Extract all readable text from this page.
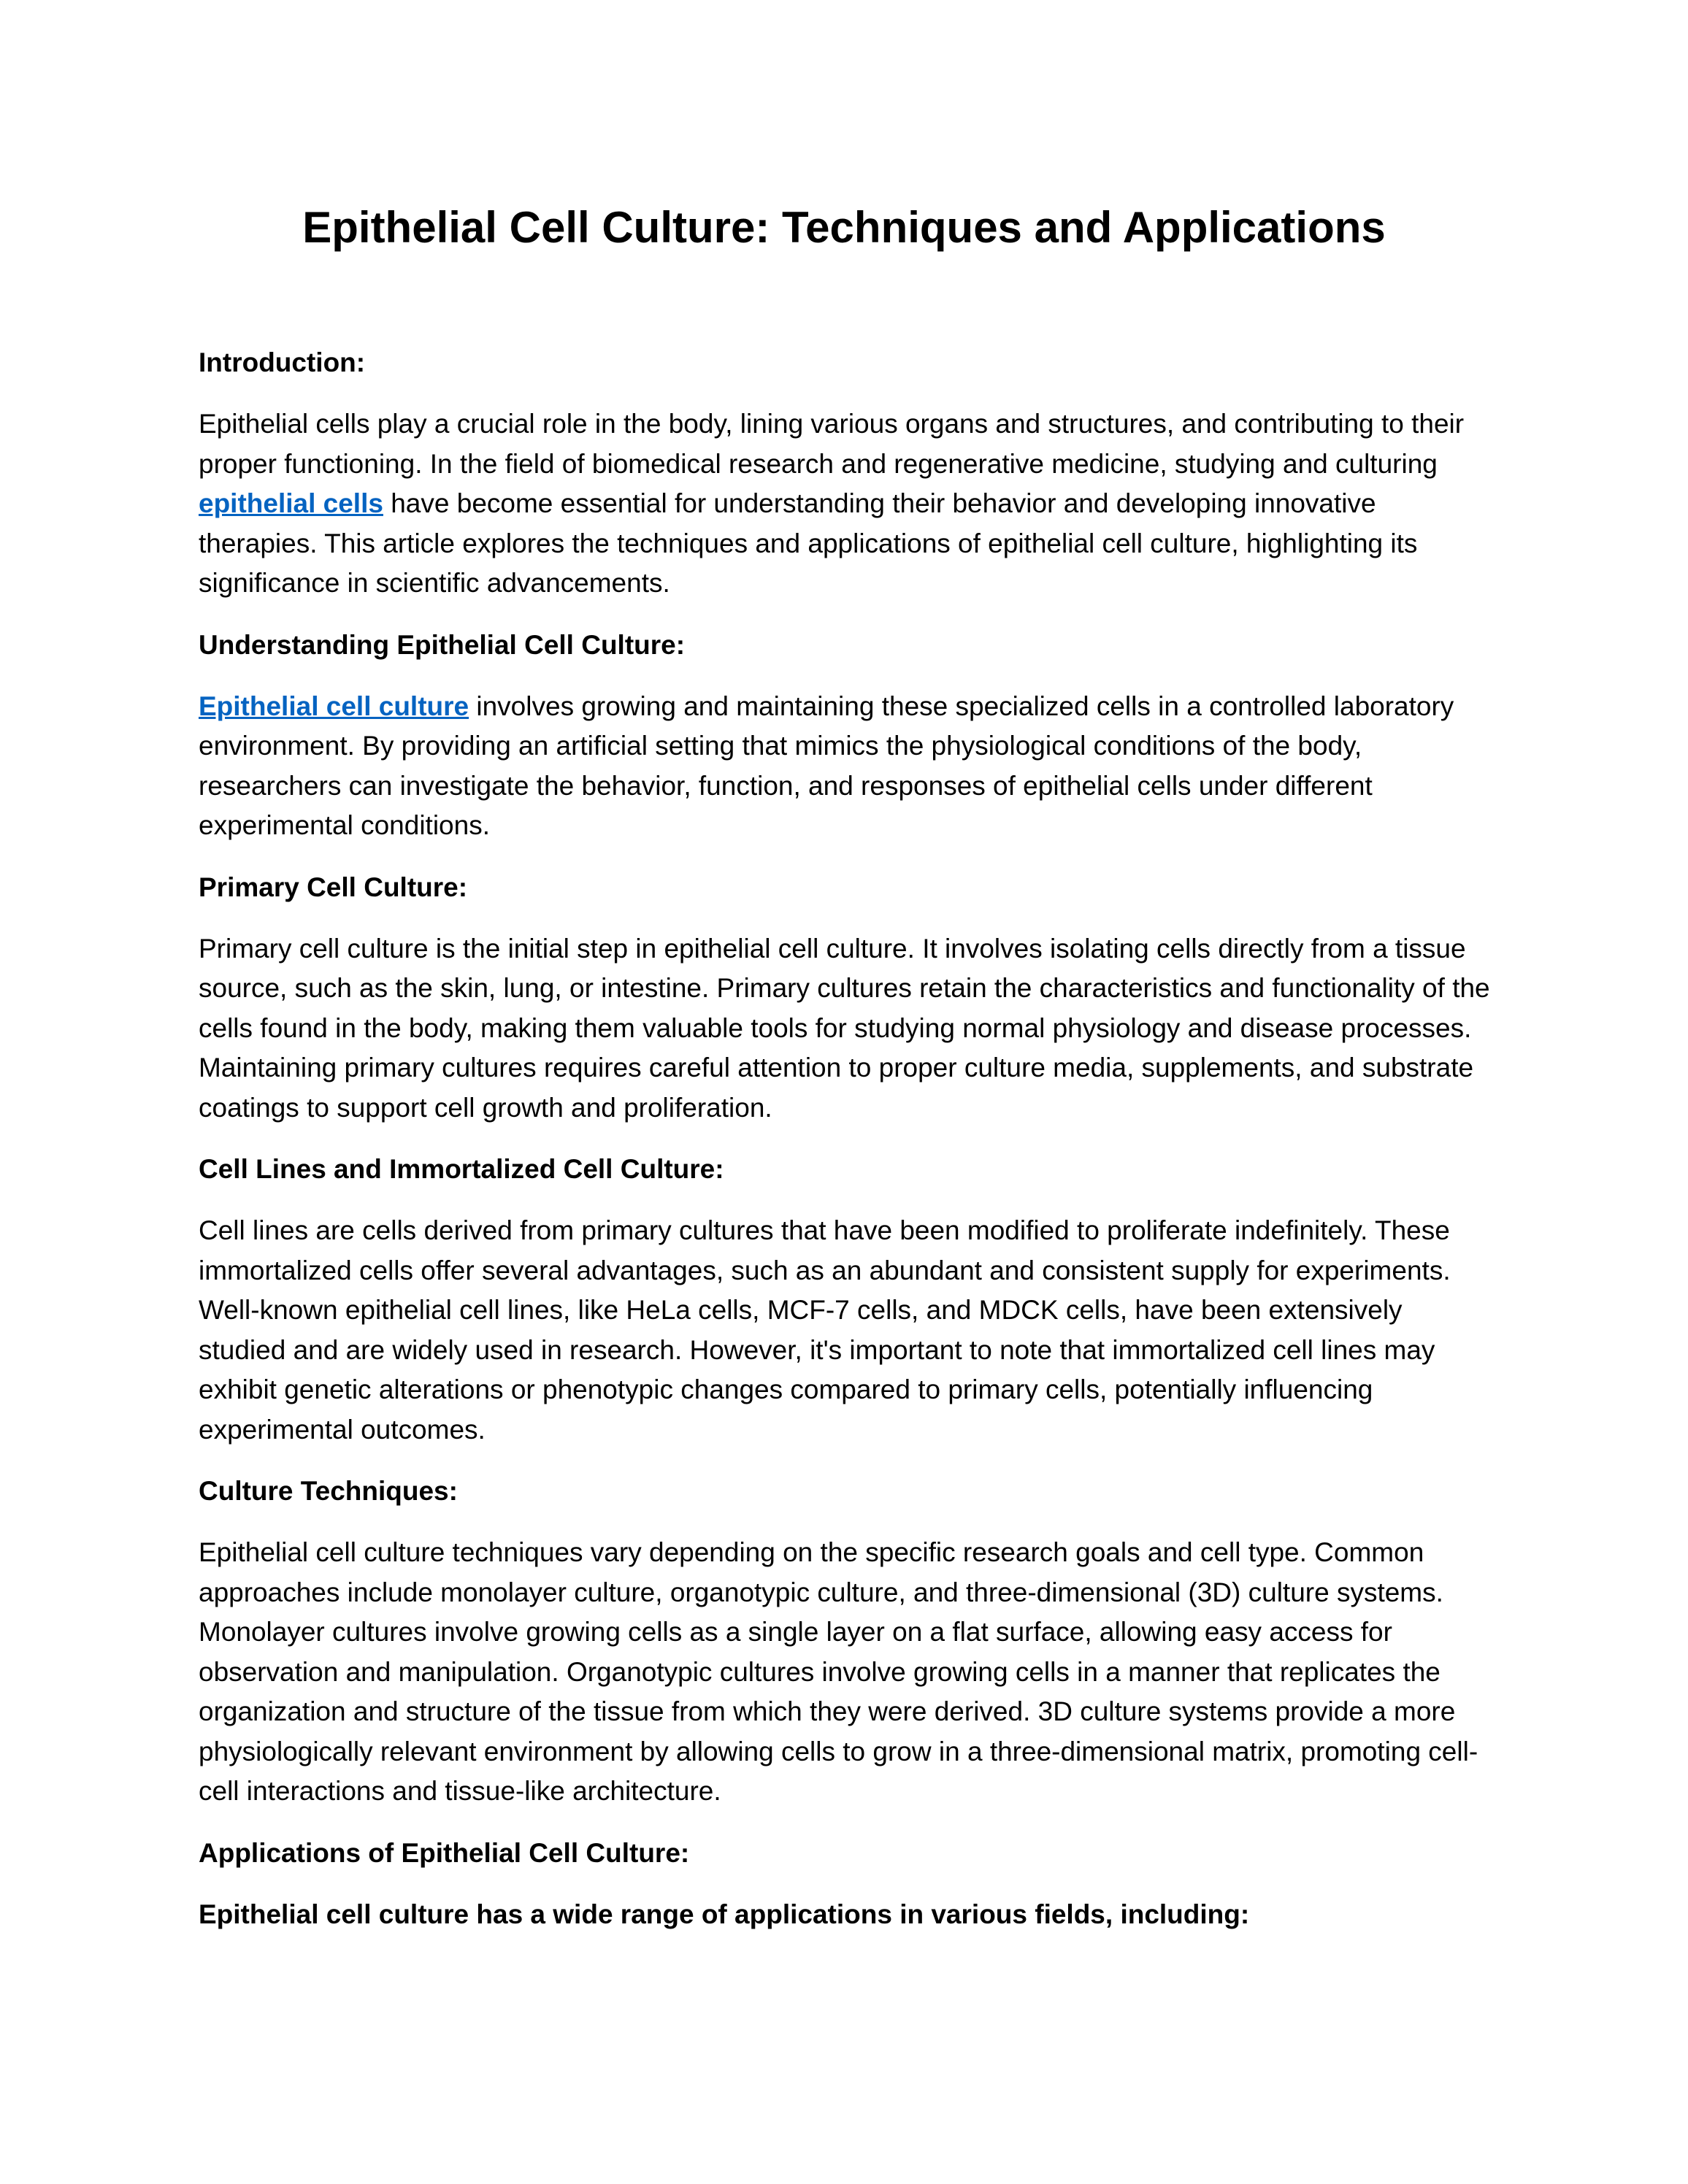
Epithelial Cell Culture: Techniques and Applications

Introduction:

Epithelial cells play a crucial role in the body, lining various organs and structures, and contributing to their proper functioning. In the field of biomedical research and regenerative medicine, studying and culturing epithelial cells have become essential for understanding their behavior and developing innovative therapies. This article explores the techniques and applications of epithelial cell culture, highlighting its significance in scientific advancements.

Understanding Epithelial Cell Culture:

Epithelial cell culture involves growing and maintaining these specialized cells in a controlled laboratory environment. By providing an artificial setting that mimics the physiological conditions of the body, researchers can investigate the behavior, function, and responses of epithelial cells under different experimental conditions.

Primary Cell Culture:

Primary cell culture is the initial step in epithelial cell culture. It involves isolating cells directly from a tissue source, such as the skin, lung, or intestine. Primary cultures retain the characteristics and functionality of the cells found in the body, making them valuable tools for studying normal physiology and disease processes. Maintaining primary cultures requires careful attention to proper culture media, supplements, and substrate coatings to support cell growth and proliferation.

Cell Lines and Immortalized Cell Culture:

Cell lines are cells derived from primary cultures that have been modified to proliferate indefinitely. These immortalized cells offer several advantages, such as an abundant and consistent supply for experiments. Well-known epithelial cell lines, like HeLa cells, MCF-7 cells, and MDCK cells, have been extensively studied and are widely used in research. However, it's important to note that immortalized cell lines may exhibit genetic alterations or phenotypic changes compared to primary cells, potentially influencing experimental outcomes.

Culture Techniques:

Epithelial cell culture techniques vary depending on the specific research goals and cell type. Common approaches include monolayer culture, organotypic culture, and three-dimensional (3D) culture systems. Monolayer cultures involve growing cells as a single layer on a flat surface, allowing easy access for observation and manipulation. Organotypic cultures involve growing cells in a manner that replicates the organization and structure of the tissue from which they were derived. 3D culture systems provide a more physiologically relevant environment by allowing cells to grow in a three-dimensional matrix, promoting cell-cell interactions and tissue-like architecture.

Applications of Epithelial Cell Culture:

Epithelial cell culture has a wide range of applications in various fields, including:
